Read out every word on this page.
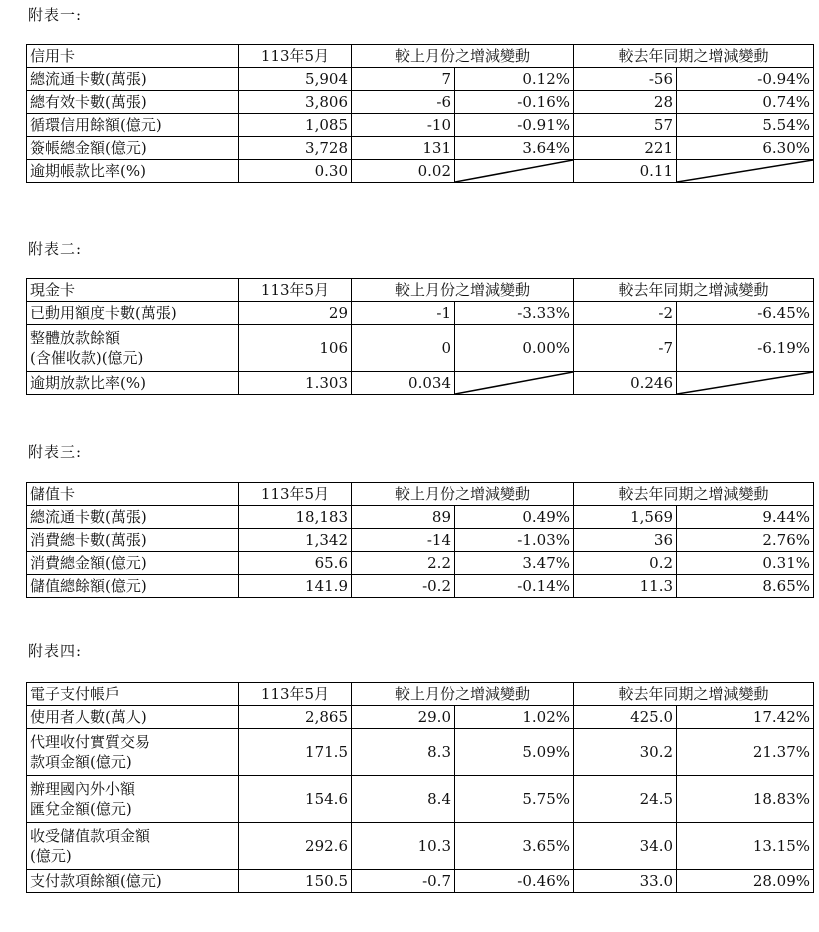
附表一:
信用卡	113年5月	較上月份之增減變動		較去年同期之增減變動	

總流通卡數(萬張)	5,904	7	0.12%	-56	-0.94%

總有效卡數(萬張)	3,806	-6	-0.16%	28	0.74%

循環信用餘額(億元)	1,085	-10	-0.91%	57	5.54%

簽帳總金額(億元)	3,728	131	3.64%	221	6.30%

逾期帳款比率(%)	0.30	0.02		0.11	
附表二:
現金卡	113年5月	較上月份之增減變動		較去年同期之增減變動	

已動用額度卡數(萬張)	29	-1	-3.33%	-2	-6.45%

整體放款餘額
(含催收款)(億元)	106	0	0.00%	-7	-6.19%

逾期放款比率(%)	1.303	0.034		0.246	
附表三:
儲值卡	113年5月	較上月份之增減變動		較去年同期之增減變動	

總流通卡數(萬張)	18,183	89	0.49%	1,569	9.44%

消費總卡數(萬張)	1,342	-14	-1.03%	36	2.76%

消費總金額(億元)	65.6	2.2	3.47%	0.2	0.31%

儲值總餘額(億元)	141.9	-0.2	-0.14%	11.3	8.65%
附表四:
電子支付帳戶	113年5月	較上月份之增減變動		較去年同期之增減變動	

使用者人數(萬人)	2,865	29.0	1.02%	425.0	17.42%

代理收付實質交易
款項金額(億元)	171.5	8.3	5.09%	30.2	21.37%

辦理國內外小額
匯兌金額(億元)	154.6	8.4	5.75%	24.5	18.83%

收受儲值款項金額
(億元)	292.6	10.3	3.65%	34.0	13.15%

支付款項餘額(億元)	150.5	-0.7	-0.46%	33.0	28.09%
